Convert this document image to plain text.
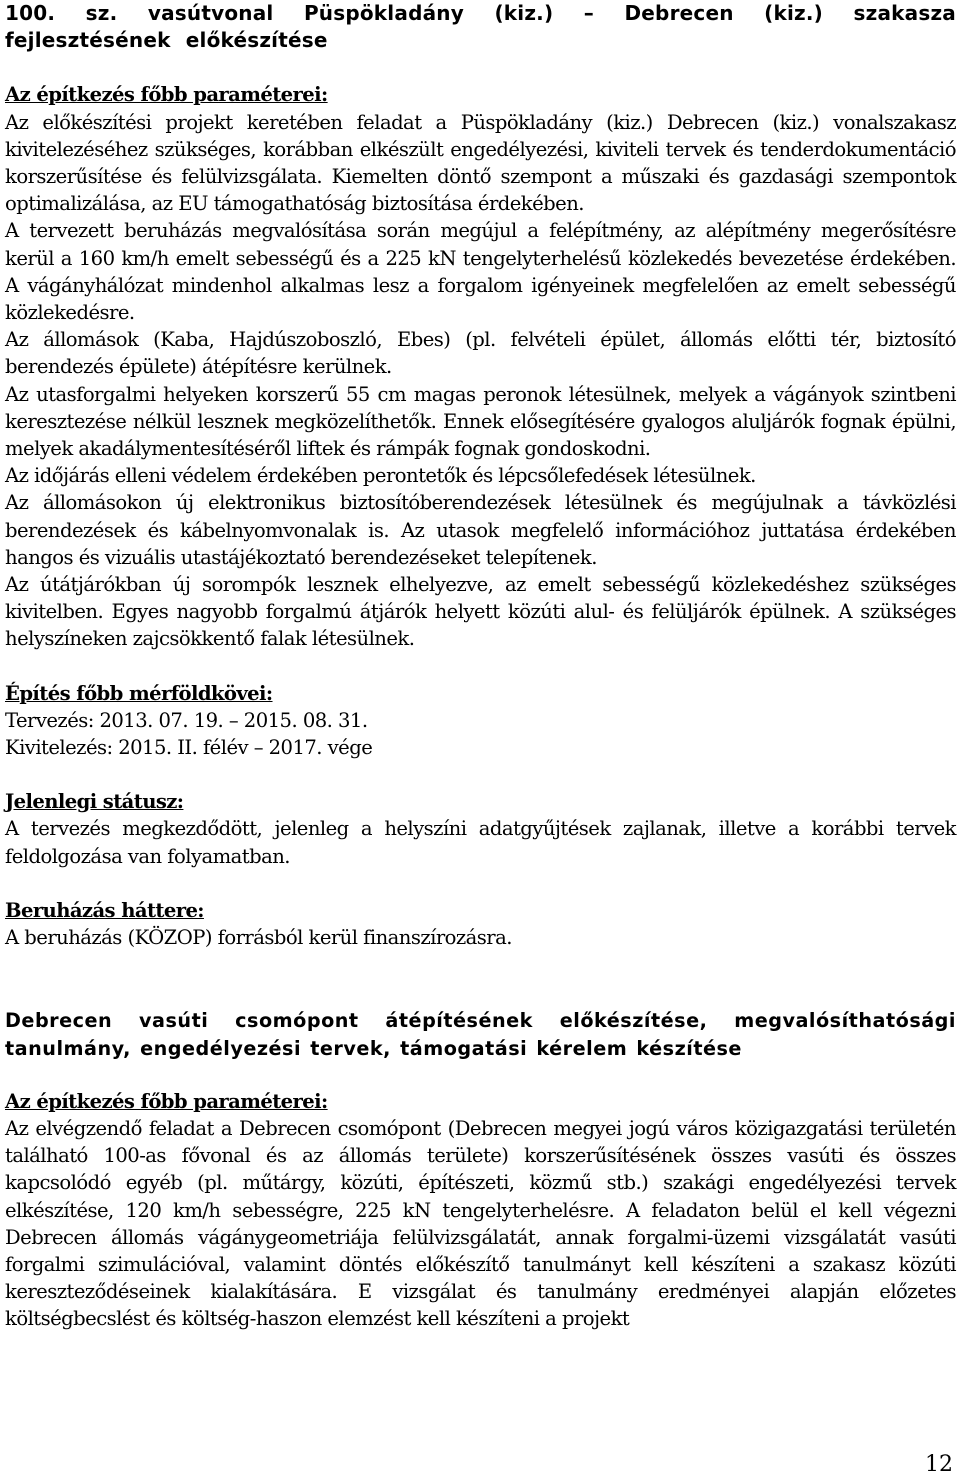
100. sz. vasútvonal Püspökladány (kiz.) – Debrecen (kiz.) szakasza fejlesztésének előkészítése

Az építkezés főbb paraméterei:

Az előkészítési projekt keretében feladat a Püspökladány (kiz.) Debrecen (kiz.) vonalszakasz kivitelezéséhez szükséges, korábban elkészült engedélyezési, kiviteli tervek és tenderdokumentáció korszerűsítése és felülvizsgálata. Kiemelten döntő szempont a műszaki és gazdasági szempontok optimalizálása, az EU támogathatóság biztosítása érdekében.

A tervezett beruházás megvalósítása során megújul a felépítmény, az alépítmény megerősítésre kerül a 160 km/h emelt sebességű és a 225 kN tengelyterhelésű közlekedés bevezetése érdekében. A vágányhálózat mindenhol alkalmas lesz a forgalom igényeinek megfelelően az emelt sebességű közlekedésre.

Az állomások (Kaba, Hajdúszoboszló, Ebes) (pl. felvételi épület, állomás előtti tér, biztosító berendezés épülete) átépítésre kerülnek.

Az utasforgalmi helyeken korszerű 55 cm magas peronok létesülnek, melyek a vágányok szintbeni keresztezése nélkül lesznek megközelíthetők. Ennek elősegítésére gyalogos aluljárók fognak épülni, melyek akadálymentesítéséről liftek és rámpák fognak gondoskodni.

Az időjárás elleni védelem érdekében perontetők és lépcsőlefedések létesülnek.

Az állomásokon új elektronikus biztosítóberendezések létesülnek és megújulnak a távközlési berendezések és kábelnyomvonalak is. Az utasok megfelelő információhoz juttatása érdekében hangos és vizuális utastájékoztató berendezéseket telepítenek.

Az útátjárókban új sorompók lesznek elhelyezve, az emelt sebességű közlekedéshez szükséges kivitelben. Egyes nagyobb forgalmú átjárók helyett közúti alul- és felüljárók épülnek. A szükséges helyszíneken zajcsökkentő falak létesülnek.

Építés főbb mérföldkövei:

Tervezés: 2013. 07. 19. – 2015. 08. 31.

Kivitelezés: 2015. II. félév – 2017. vége

Jelenlegi státusz:

A tervezés megkezdődött, jelenleg a helyszíni adatgyűjtések zajlanak, illetve a korábbi tervek feldolgozása van folyamatban.

Beruházás háttere:

A beruházás (KÖZOP) forrásból kerül finanszírozásra.

Debrecen vasúti csomópont átépítésének előkészítése, megvalósíthatósági tanulmány, engedélyezési tervek, támogatási kérelem készítése

Az építkezés főbb paraméterei:

Az elvégzendő feladat a Debrecen csomópont (Debrecen megyei jogú város közigazgatási területén található 100-as fővonal és az állomás területe) korszerűsítésének összes vasúti és összes kapcsolódó egyéb (pl. műtárgy, közúti, építészeti, közmű stb.) szakági engedélyezési tervek elkészítése, 120 km/h sebességre, 225 kN tengelyterhelésre. A feladaton belül el kell végezni Debrecen állomás vágánygeometriája felülvizsgálatát, annak forgalmi-üzemi vizsgálatát vasúti forgalmi szimulációval, valamint döntés előkészítő tanulmányt kell készíteni a szakasz közúti kereszteződéseinek kialakítására. E vizsgálat és tanulmány eredményei alapján előzetes költségbecslést és költség-haszon elemzést kell készíteni a projekt

12
